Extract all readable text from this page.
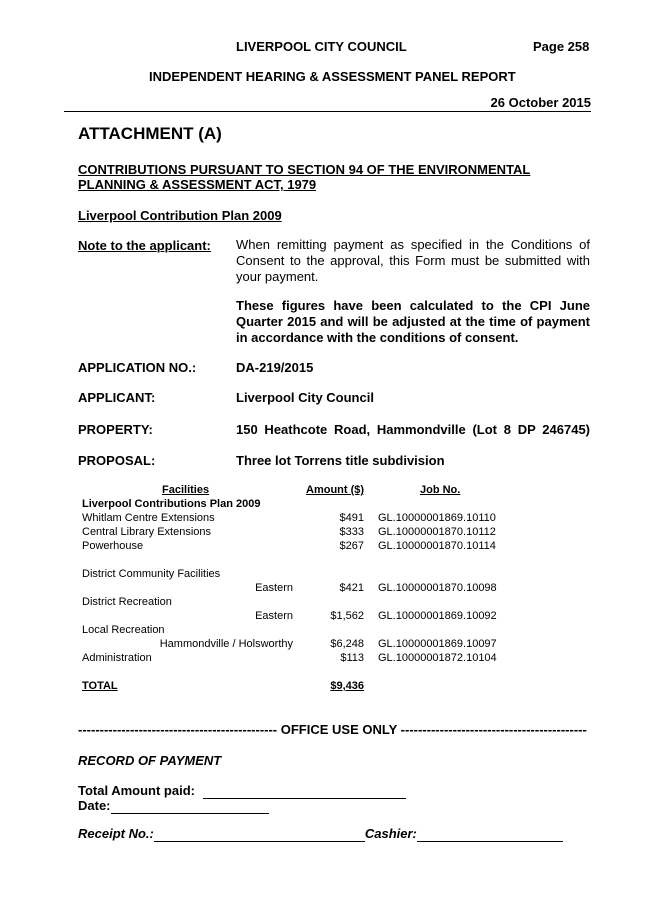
LIVERPOOL CITY COUNCIL	Page 258
INDEPENDENT HEARING & ASSESSMENT PANEL REPORT
26 October 2015
ATTACHMENT (A)
CONTRIBUTIONS PURSUANT TO SECTION 94 OF THE ENVIRONMENTAL
PLANNING & ASSESSMENT ACT, 1979
Liverpool Contribution Plan 2009
Note to the applicant: When remitting payment as specified in the Conditions of Consent to the approval, this Form must be submitted with your payment.
These figures have been calculated to the CPI June Quarter 2015 and will be adjusted at the time of payment in accordance with the conditions of consent.
APPLICATION NO.:	DA-219/2015
APPLICANT:	Liverpool City Council
PROPERTY:	150 Heathcote Road, Hammondville (Lot 8 DP 246745)
PROPOSAL:	Three lot Torrens title subdivision
Facilities	Amount ($)	Job No.
Liverpool Contributions Plan 2009
Whitlam Centre Extensions	$491 GL.10000001869.10110
Central Library Extensions	$333 GL.10000001870.10112
Powerhouse	$267 GL.10000001870.10114
District Community Facilities
Eastern	$421 GL.10000001870.10098
District Recreation
Eastern	$1,562 GL.10000001869.10092
Local Recreation
Hammondville / Holsworthy	$6,248 GL.10000001869.10097
Administration	$113 GL.10000001872.10104
TOTAL	$9,436
---------------------------------------------- OFFICE USE ONLY -------------------------------------------
RECORD OF PAYMENT
Total Amount paid:
Date:
Receipt No.:	Cashier:
